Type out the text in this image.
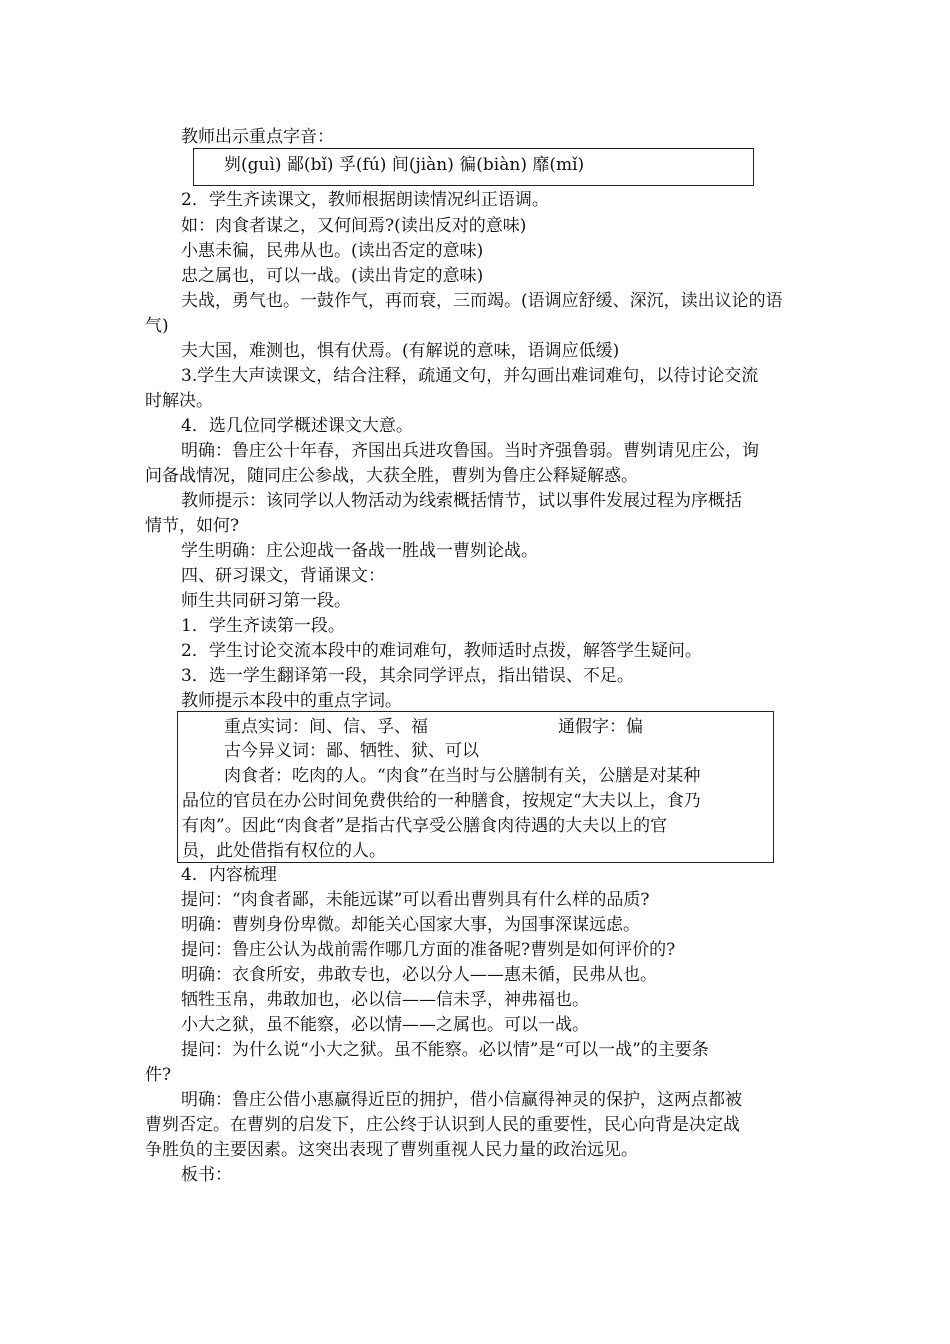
教师出示重点字音：
刿(guì) 鄙(bǐ) 孚(fú) 间(jiàn) 徧(biàn) 靡(mǐ)
2．学生齐读课文，教师根据朗读情况纠正语调。
如：肉食者谋之，又何间焉?(读出反对的意味)
小惠未徧，民弗从也。(读出否定的意味)
忠之属也，可以一战。(读出肯定的意味)
夫战，勇气也。一鼓作气，再而衰，三而竭。(语调应舒缓、深沉，读出议论的语
气)
夫大国，难测也，惧有伏焉。(有解说的意味，语调应低缓)
3.学生大声读课文，结合注释，疏通文句，并勾画出难词难句，以待讨论交流
时解决。
4．选几位同学概述课文大意。
明确：鲁庄公十年春，齐国出兵进攻鲁国。当时齐强鲁弱。曹刿请见庄公，询
问备战情况，随同庄公参战，大获全胜，曹刿为鲁庄公释疑解惑。
教师提示：该同学以人物活动为线索概括情节，试以事件发展过程为序概括
情节，如何?
学生明确：庄公迎战一备战一胜战一曹刿论战。
四、研习课文，背诵课文：
师生共同研习第一段。
1．学生齐读第一段。
2．学生讨论交流本段中的难词难句，教师适时点拨，解答学生疑问。
3．选一学生翻译第一段，其余同学评点，指出错误、不足。
教师提示本段中的重点字词。
重点实词：间、信、孚、福	通假字：偏
古今异义词：鄙、牺牲、狱、可以
肉食者：吃肉的人。“肉食”在当时与公膳制有关，公膳是对某种
品位的官员在办公时间免费供给的一种膳食，按规定“大夫以上，食乃
有肉”。因此“肉食者”是指古代享受公膳食肉待遇的大夫以上的官
员，此处借指有权位的人。
4．内容梳理
提问：“肉食者鄙，未能远谋”可以看出曹刿具有什么样的品质?
明确：曹刿身份卑微。却能关心国家大事，为国事深谋远虑。
提问：鲁庄公认为战前需作哪几方面的准备呢?曹刿是如何评价的?
明确：衣食所安，弗敢专也，必以分人——惠未循，民弗从也。
牺牲玉帛，弗敢加也，必以信——信未孚，神弗福也。
小大之狱，虽不能察，必以情——之属也。可以一战。
提问：为什么说“小大之狱。虽不能察。必以情”是“可以一战”的主要条
件?
明确：鲁庄公借小惠赢得近臣的拥护，借小信赢得神灵的保护，这两点都被
曹刿否定。在曹刿的启发下，庄公终于认识到人民的重要性，民心向背是决定战
争胜负的主要因素。这突出表现了曹刿重视人民力量的政治远见。
板书：
